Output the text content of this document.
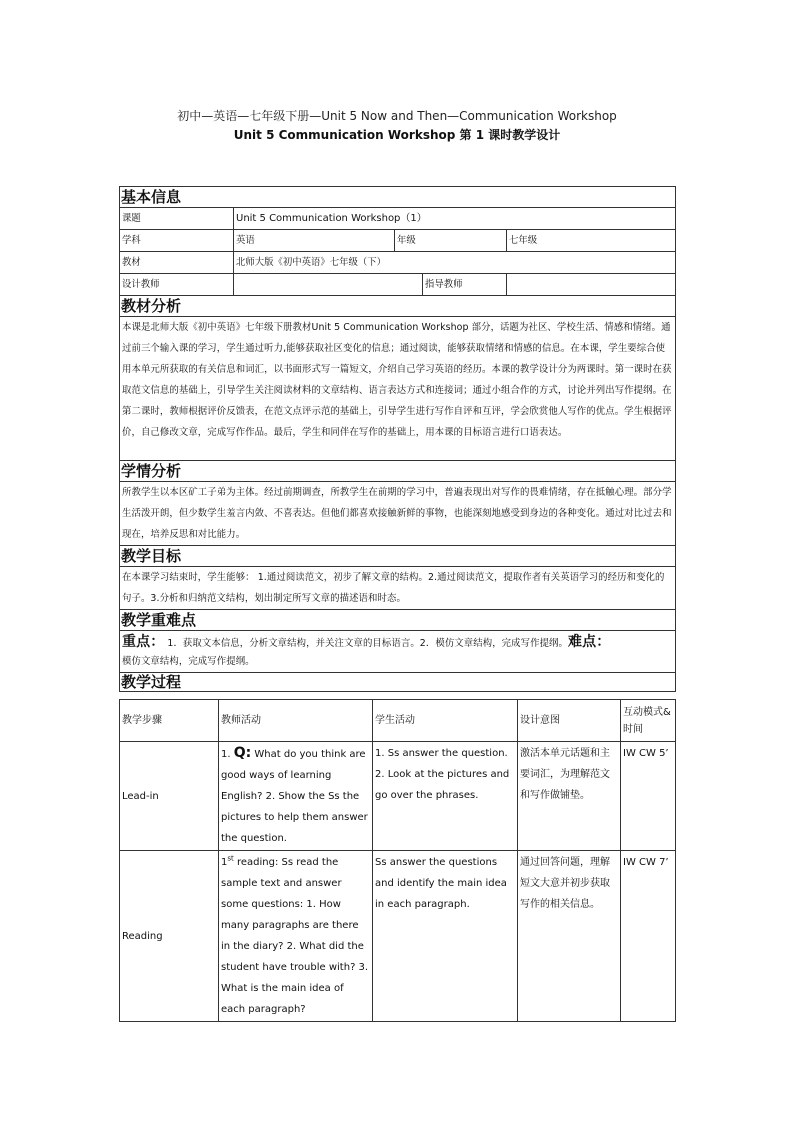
初中—英语—七年级下册—Unit 5 Now and Then—Communication Workshop
Unit 5 Communication Workshop 第 1 课时教学设计
基本信息				
课题	Unit 5 Communication Workshop（1）			
学科	英语	年级		七年级
教材	北师大版《初中英语》七年级（下）			
设计教师			指导教师	
教材分析				
本课是北师大版《初中英语》七年级下册教材Unit 5 Communication Workshop 部分，话题为社区、学校生活、情感和情绪。通过前三个输入课的学习，学生通过听力,能够获取社区变化的信息；通过阅读，能够获取情绪和情感的信息。在本课，学生要综合使用本单元所获取的有关信息和词汇，以书面形式写一篇短文，介绍自己学习英语的经历。本课的教学设计分为两课时。第一课时在获取范文信息的基础上，引导学生关注阅读材料的文章结构、语言表达方式和连接词；通过小组合作的方式，讨论并列出写作提纲。在第二课时，教师根据评价反馈表，在范文点评示范的基础上，引导学生进行写作自评和互评，学会欣赏他人写作的优点。学生根据评价，自己修改文章，完成写作作品。最后，学生和同伴在写作的基础上，用本课的目标语言进行口语表达。				
学情分析				
所教学生以本区矿工子弟为主体。经过前期调查，所教学生在前期的学习中，普遍表现出对写作的畏难情绪，存在抵触心理。部分学生活泼开朗，但少数学生羞言内敛、不喜表达。但他们都喜欢接触新鲜的事物，也能深刻地感受到身边的各种变化。通过对比过去和现在，培养反思和对比能力。				
教学目标				
在本课学习结束时，学生能够： 1.通过阅读范文，初步了解文章的结构。2.通过阅读范文，提取作者有关英语学习的经历和变化的句子。3.分析和归纳范文结构，划出制定所写文章的描述语和时态。				
教学重难点				
重点： 1．获取文本信息，分析文章结构，并关注文章的目标语言。2．模仿文章结构，完成写作提纲。难点：
模仿文章结构，完成写作提纲。				
教学过程				
教学步骤	教师活动	学生活动	设计意图	互动模式&
时间
Lead-in	1. Q: What do you think are good ways of learning English? 2. Show the Ss the pictures to help them answer the question.	1. Ss answer the question. 2. Look at the pictures and go over the phrases.	激活本单元话题和主要词汇，为理解范文和写作做铺垫。	IW CW 5’
Reading	1st reading: Ss read the sample text and answer some questions: 1. How many paragraphs are there in the diary? 2. What did the student have trouble with? 3. What is the main idea of each paragraph?	Ss answer the questions and identify the main idea in each paragraph.	通过回答问题，理解短文大意并初步获取写作的相关信息。	IW CW 7’
